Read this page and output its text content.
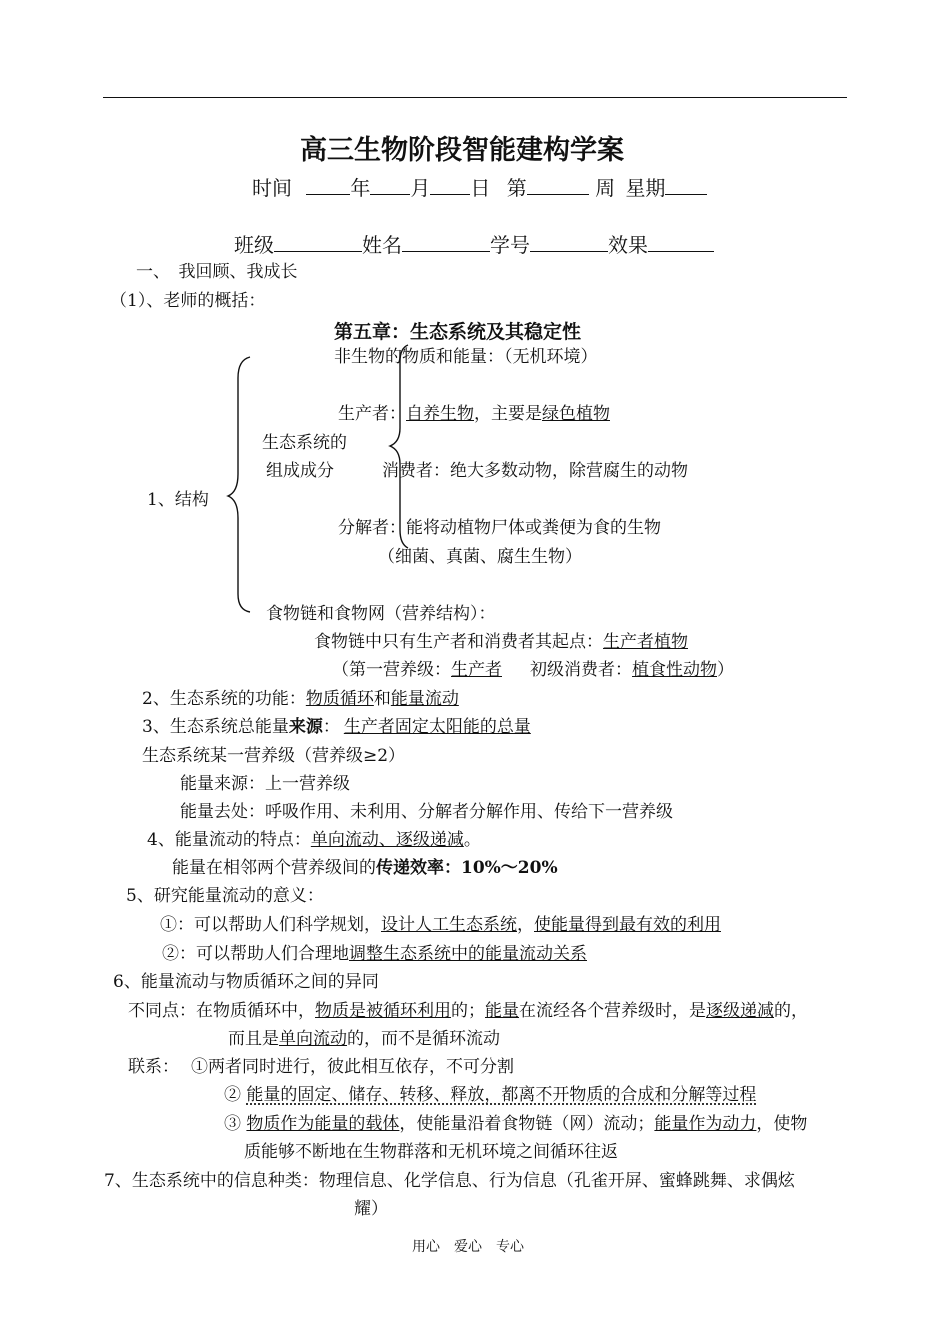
高三生物阶段智能建构学案
时间	年 月 日 第	周 星期
班级	姓名	学号	效果
一、　我回顾、我成长
（1）、老师的概括：
第五章：生态系统及其稳定性
非生物的物质和能量：（无机环境）
生产者：自养生物，主要是绿色植物
生态系统的
组成成分	消费者：绝大多数动物，除营腐生的动物
1、结构
分解者：能将动植物尸体或粪便为食的生物
（细菌、真菌、腐生生物）
食物链和食物网（营养结构）：
食物链中只有生产者和消费者其起点：生产者植物
（第一营养级：生产者 初级消费者：植食性动物）
2、生态系统的功能：物质循环和能量流动
3、生态系统总能量来源： 生产者固定太阳能的总量
生态系统某一营养级（营养级≥2）
能量来源：上一营养级
能量去处：呼吸作用、未利用、分解者分解作用、传给下一营养级
4、能量流动的特点：单向流动、逐级递减。
能量在相邻两个营养级间的传递效率：10%～20%
5、研究能量流动的意义：
①：可以帮助人们科学规划，设计人工生态系统，使能量得到最有效的利用
②：可以帮助人们合理地调整生态系统中的能量流动关系
6、能量流动与物质循环之间的异同
不同点：在物质循环中，物质是被循环利用的；能量在流经各个营养级时，是逐级递减的，
而且是单向流动的，而不是循环流动
联系： ①两者同时进行，彼此相互依存，不可分割
② 能量的固定、储存、转移、释放，都离不开物质的合成和分解等过程
③ 物质作为能量的载体，使能量沿着食物链（网）流动；能量作为动力，使物
质能够不断地在生物群落和无机环境之间循环往返
7、生态系统中的信息种类：物理信息、化学信息、行为信息（孔雀开屏、蜜蜂跳舞、求偶炫
耀）
用心　爱心　专心
